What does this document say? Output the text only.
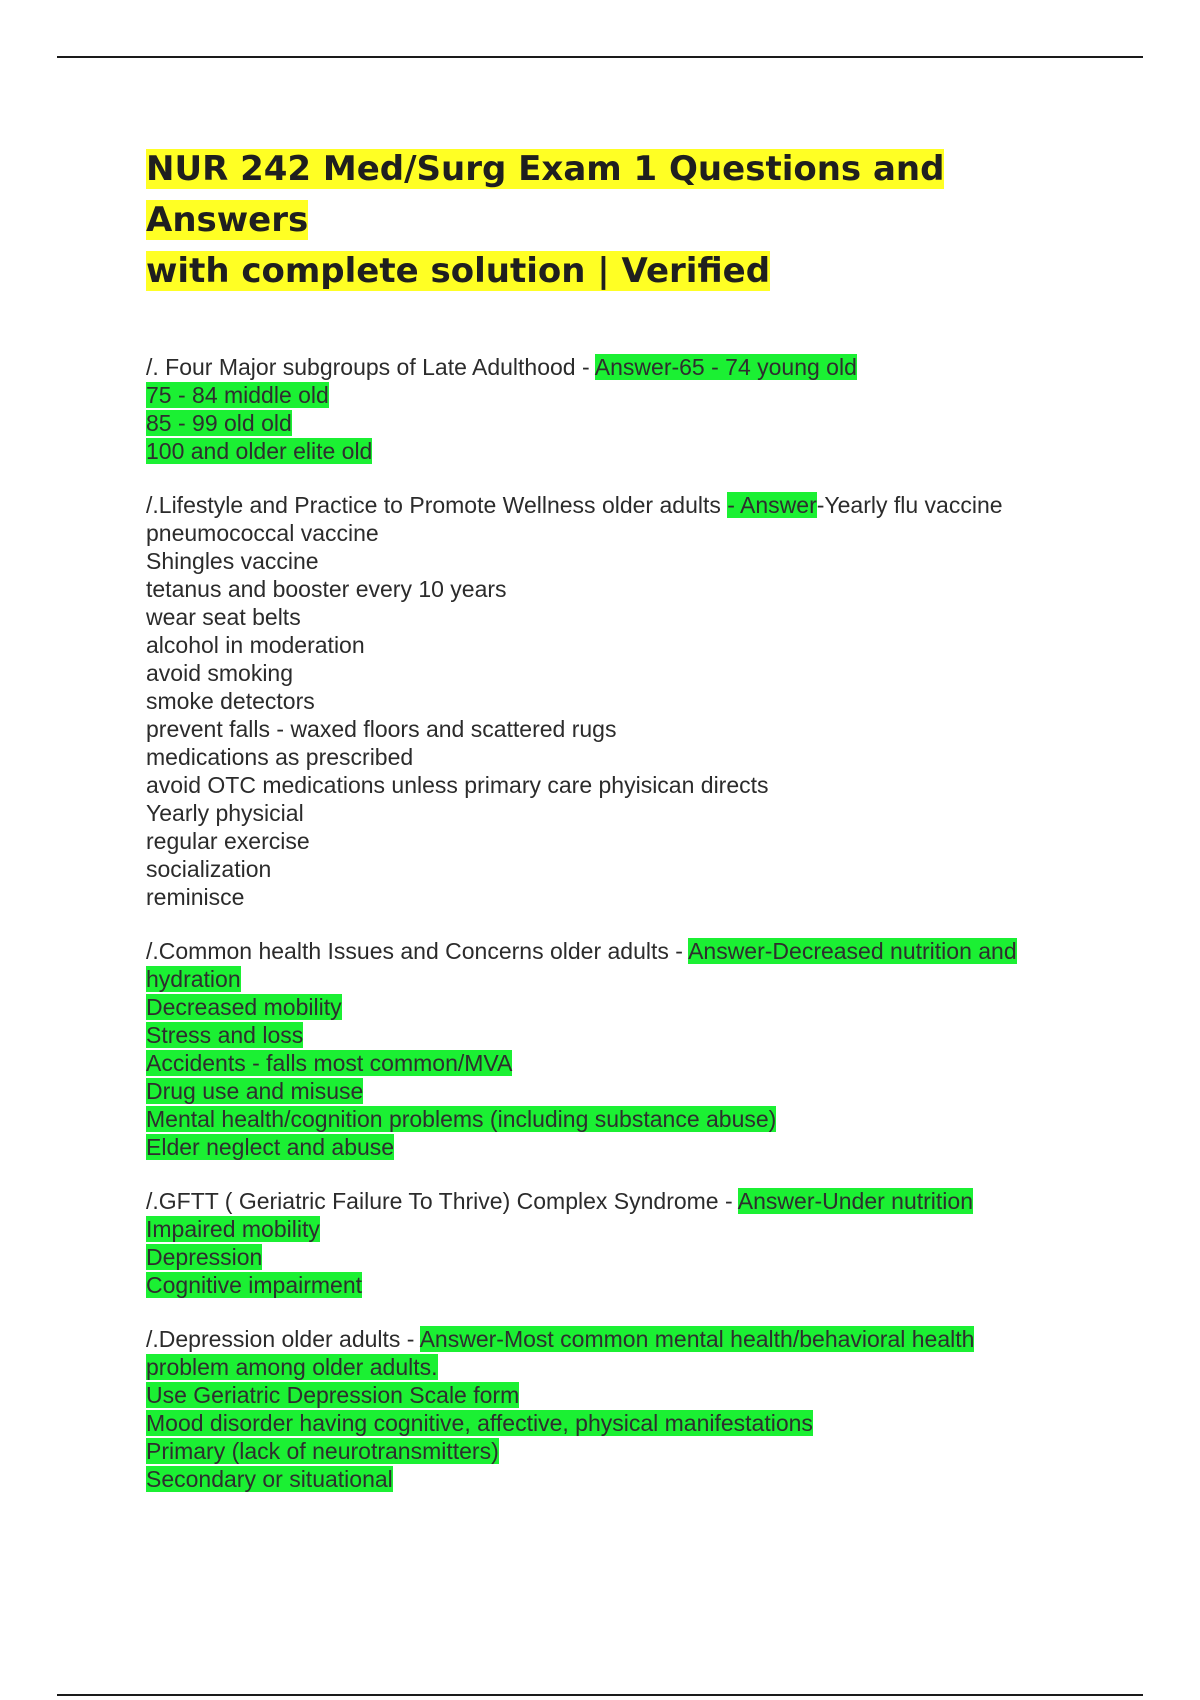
NUR 242 Med/Surg Exam 1 Questions and Answers
with complete solution | Verified
/. Four Major subgroups of Late Adulthood - Answer-65 - 74 young old
75 - 84 middle old
85 - 99 old old
100 and older elite old
/.Lifestyle and Practice to Promote Wellness older adults - Answer-Yearly flu vaccine
pneumococcal vaccine
Shingles vaccine
tetanus and booster every 10 years
wear seat belts
alcohol in moderation
avoid smoking
smoke detectors
prevent falls - waxed floors and scattered rugs
medications as prescribed
avoid OTC medications unless primary care phyisican directs
Yearly physicial
regular exercise
socialization
reminisce
/.Common health Issues and Concerns older adults - Answer-Decreased nutrition and
hydration
Decreased mobility
Stress and loss
Accidents - falls most common/MVA
Drug use and misuse
Mental health/cognition problems (including substance abuse)
Elder neglect and abuse
/.GFTT ( Geriatric Failure To Thrive) Complex Syndrome - Answer-Under nutrition
Impaired mobility
Depression
Cognitive impairment
/.Depression older adults - Answer-Most common mental health/behavioral health
problem among older adults.
Use Geriatric Depression Scale form
Mood disorder having cognitive, affective, physical manifestations
Primary (lack of neurotransmitters)
Secondary or situational
